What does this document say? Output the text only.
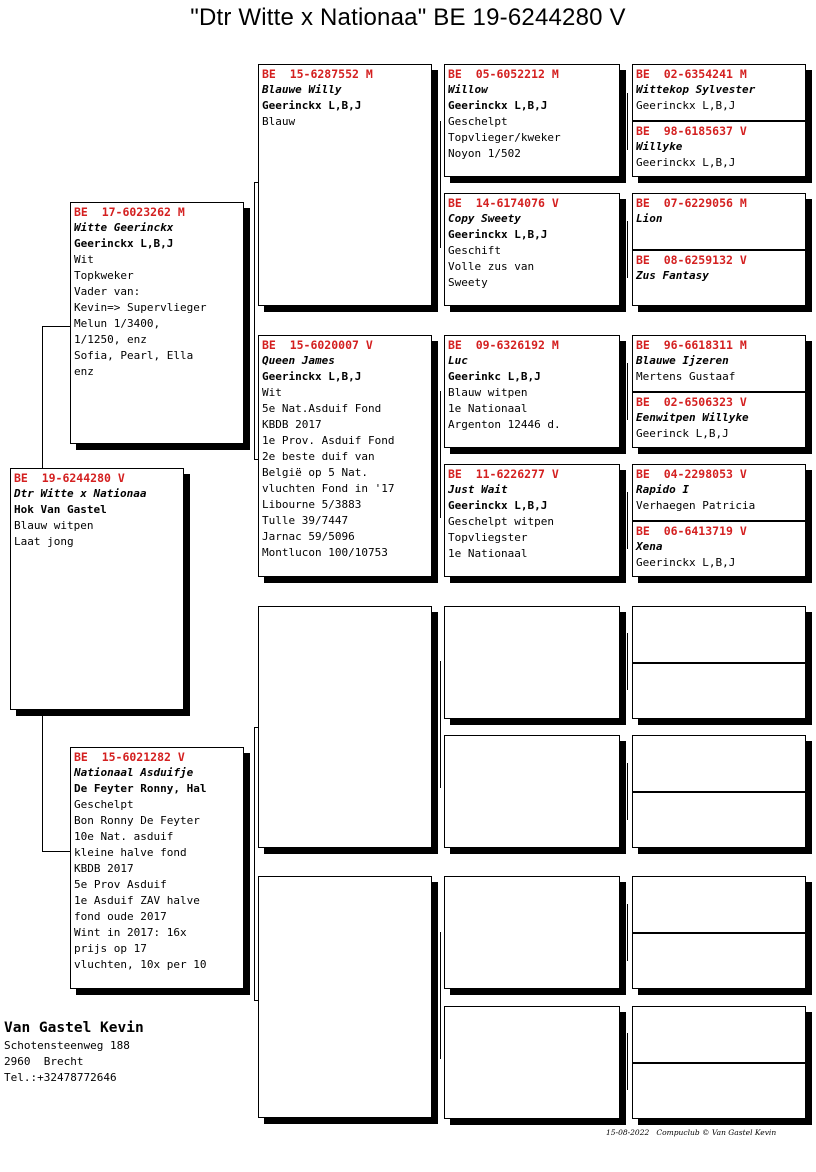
"Dtr Witte x Nationaa" BE 19-6244280 V
BE  19-6244280 V
Dtr Witte x Nationaa
Hok Van Gastel
Blauw witpen
Laat jong
BE  17-6023262 M
Witte Geerinckx
Geerinckx L,B,J
Wit
Topkweker
Vader van:
Kevin=> Supervlieger
Melun 1/3400,
1/1250, enz
Sofia, Pearl, Ella
enz
BE  15-6021282 V
Nationaal Asduifje
De Feyter Ronny, Hal
Geschelpt
Bon Ronny De Feyter
10e Nat. asduif
kleine halve fond
KBDB 2017
5e Prov Asduif
1e Asduif ZAV halve
fond oude 2017
Wint in 2017: 16x
prijs op 17
vluchten, 10x per 10
BE  15-6287552 M
Blauwe Willy
Geerinckx L,B,J
Blauw
BE  15-6020007 V
Queen James
Geerinckx L,B,J
Wit
5e Nat.Asduif Fond
KBDB 2017
1e Prov. Asduif Fond
2e beste duif van
België op 5 Nat.
vluchten Fond in '17
Libourne 5/3883
Tulle 39/7447
Jarnac 59/5096
Montlucon 100/10753
BE  05-6052212 M
Willow
Geerinckx L,B,J
Geschelpt
Topvlieger/kweker
Noyon 1/502
BE  14-6174076 V
Copy Sweety
Geerinckx L,B,J
Geschift
Volle zus van
Sweety
BE  09-6326192 M
Luc
Geerinkc L,B,J
Blauw witpen
1e Nationaal
Argenton 12446 d.
BE  11-6226277 V
Just Wait
Geerinckx L,B,J
Geschelpt witpen
Topvliegster
1e Nationaal
BE  02-6354241 M
Wittekop Sylvester
Geerinckx L,B,J
BE  98-6185637 V
Willyke
Geerinckx L,B,J
BE  07-6229056 M
Lion
BE  08-6259132 V
Zus Fantasy
BE  96-6618311 M
Blauwe Ijzeren
Mertens Gustaaf
BE  02-6506323 V
Eenwitpen Willyke
Geerinck L,B,J
BE  04-2298053 V
Rapido I
Verhaegen Patricia
BE  06-6413719 V
Xena
Geerinckx L,B,J
Van Gastel Kevin
Schotensteenweg 188
2960  Brecht
Tel.:+32478772646
15-08-2022   Compuclub © Van Gastel Kevin
